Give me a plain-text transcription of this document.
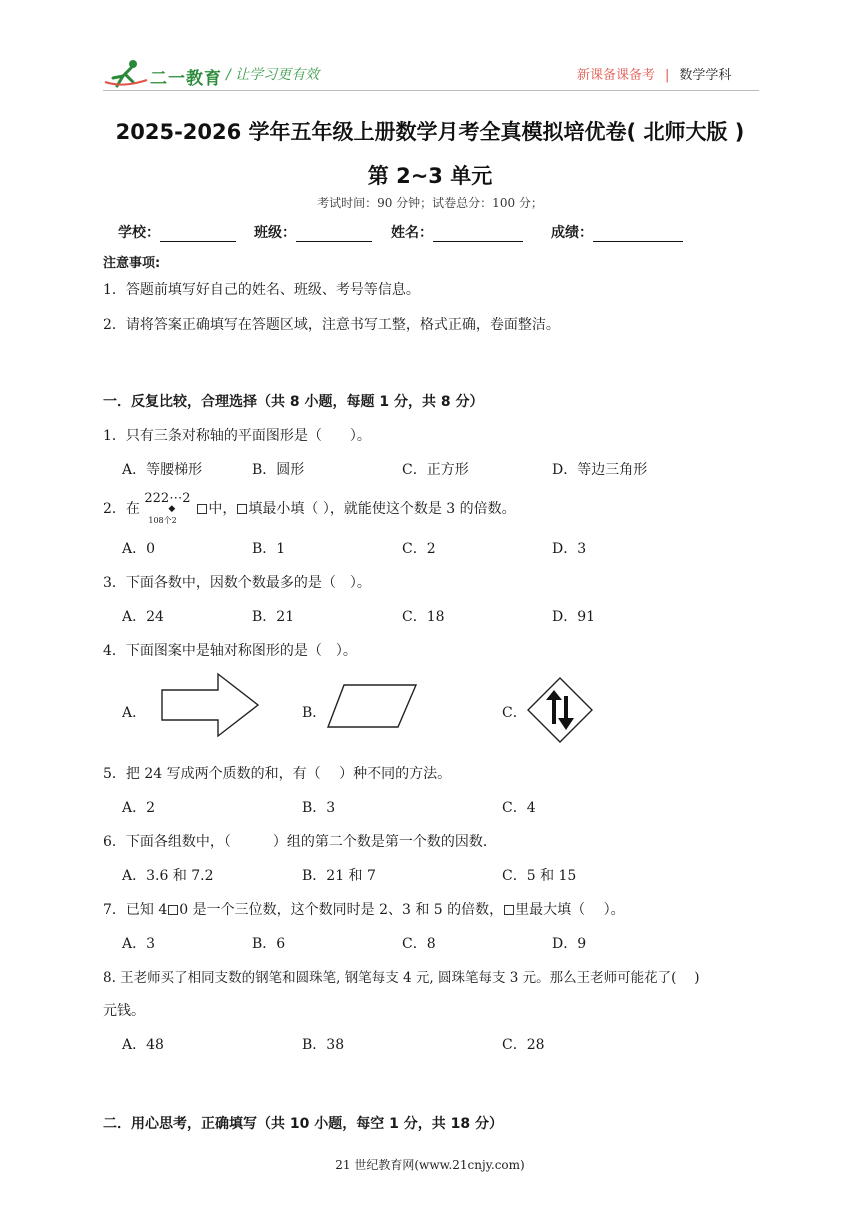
二一教育 / 让学习更有效	新课备课备考 | 数学学科
2025-2026 学年五年级上册数学月考全真模拟培优卷( 北师大版 )
第 2~3 单元
考试时间：90 分钟；试卷总分：100 分；
学校：	班级：	姓名：	成绩：
注意事项:
1．答题前填写好自己的姓名、班级、考号等信息。
2．请将答案正确填写在答题区域，注意书写工整，格式正确，卷面整洁。
一．反复比较，合理选择（共 8 小题，每题 1 分，共 8 分）
1．只有三条对称轴的平面图形是（　　）。
A．等腰梯形	B．圆形	C．正方形	D．等边三角形
2．在
222⋯2
◆
108个2
中， 填最小填（ ），就能使这个数是 3 的倍数。
A．0	B．1	C．2	D．3
3．下面各数中，因数个数最多的是（　）。
A．24	B．21	C．18	D．91
4．下面图案中是轴对称图形的是（　）。
A．	B．	C．
5．把 24 写成两个质数的和，有（　 ）种不同的方法。
A．2	B．3	C．4
6．下面各组数中，（　　　）组的第二个数是第一个数的因数．
A．3.6 和 7.2	B．21 和 7	C．5 和 15
7．已知 4 0 是一个三位数，这个数同时是 2、3 和 5 的倍数， 里最大填（　 ）。
A．3	B．6	C．8	D．9
8. 王老师买了相同支数的钢笔和圆珠笔, 钢笔每支 4 元, 圆珠笔每支 3 元。那么王老师可能花了(　 )
元钱。
A．48	B．38	C．28
二．用心思考，正确填写（共 10 小题，每空 1 分，共 18 分）
21 世纪教育网(www.21cnjy.com)
